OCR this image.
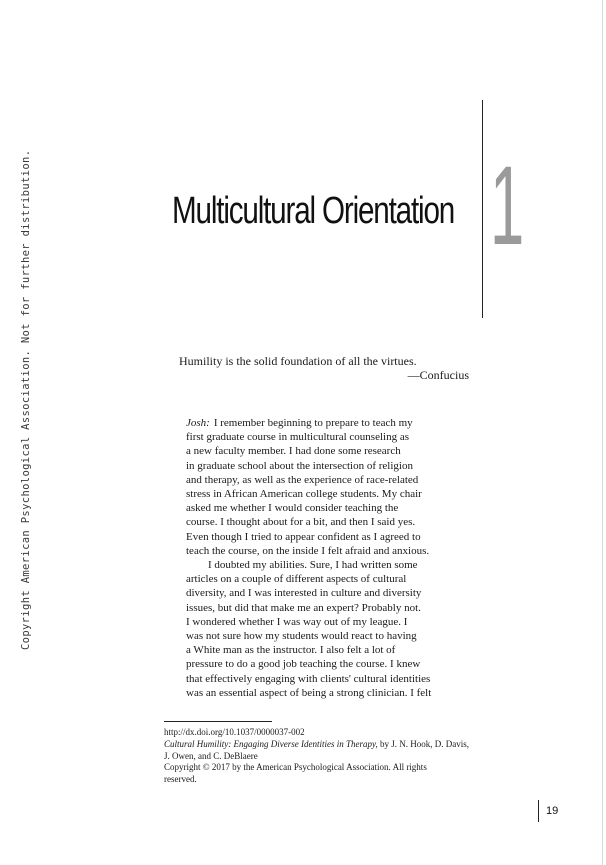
Copyright American Psychological Association. Not for further distribution.	Multicultural Orientation 1
Humility is the solid foundation of all the virtues.
—Confucius
Josh: I remember beginning to prepare to teach my
first graduate course in multicultural counseling as
a new faculty member. I had done some research
in graduate school about the intersection of religion
and therapy, as well as the experience of race-related
stress in African American college students. My chair
asked me whether I would consider teaching the
course. I thought about for a bit, and then I said yes.
Even though I tried to appear confident as I agreed to
teach the course, on the inside I felt afraid and anxious.
I doubted my abilities. Sure, I had written some
articles on a couple of different aspects of cultural
diversity, and I was interested in culture and diversity
issues, but did that make me an expert? Probably not.
I wondered whether I was way out of my league. I
was not sure how my students would react to having
a White man as the instructor. I also felt a lot of
pressure to do a good job teaching the course. I knew
that effectively engaging with clients' cultural identities
was an essential aspect of being a strong clinician. I felt
http://dx.doi.org/10.1037/0000037-002
Cultural Humility: Engaging Diverse Identities in Therapy, by J. N. Hook, D. Davis,
J. Owen, and C. DeBlaere
Copyright © 2017 by the American Psychological Association. All rights
reserved.
19
